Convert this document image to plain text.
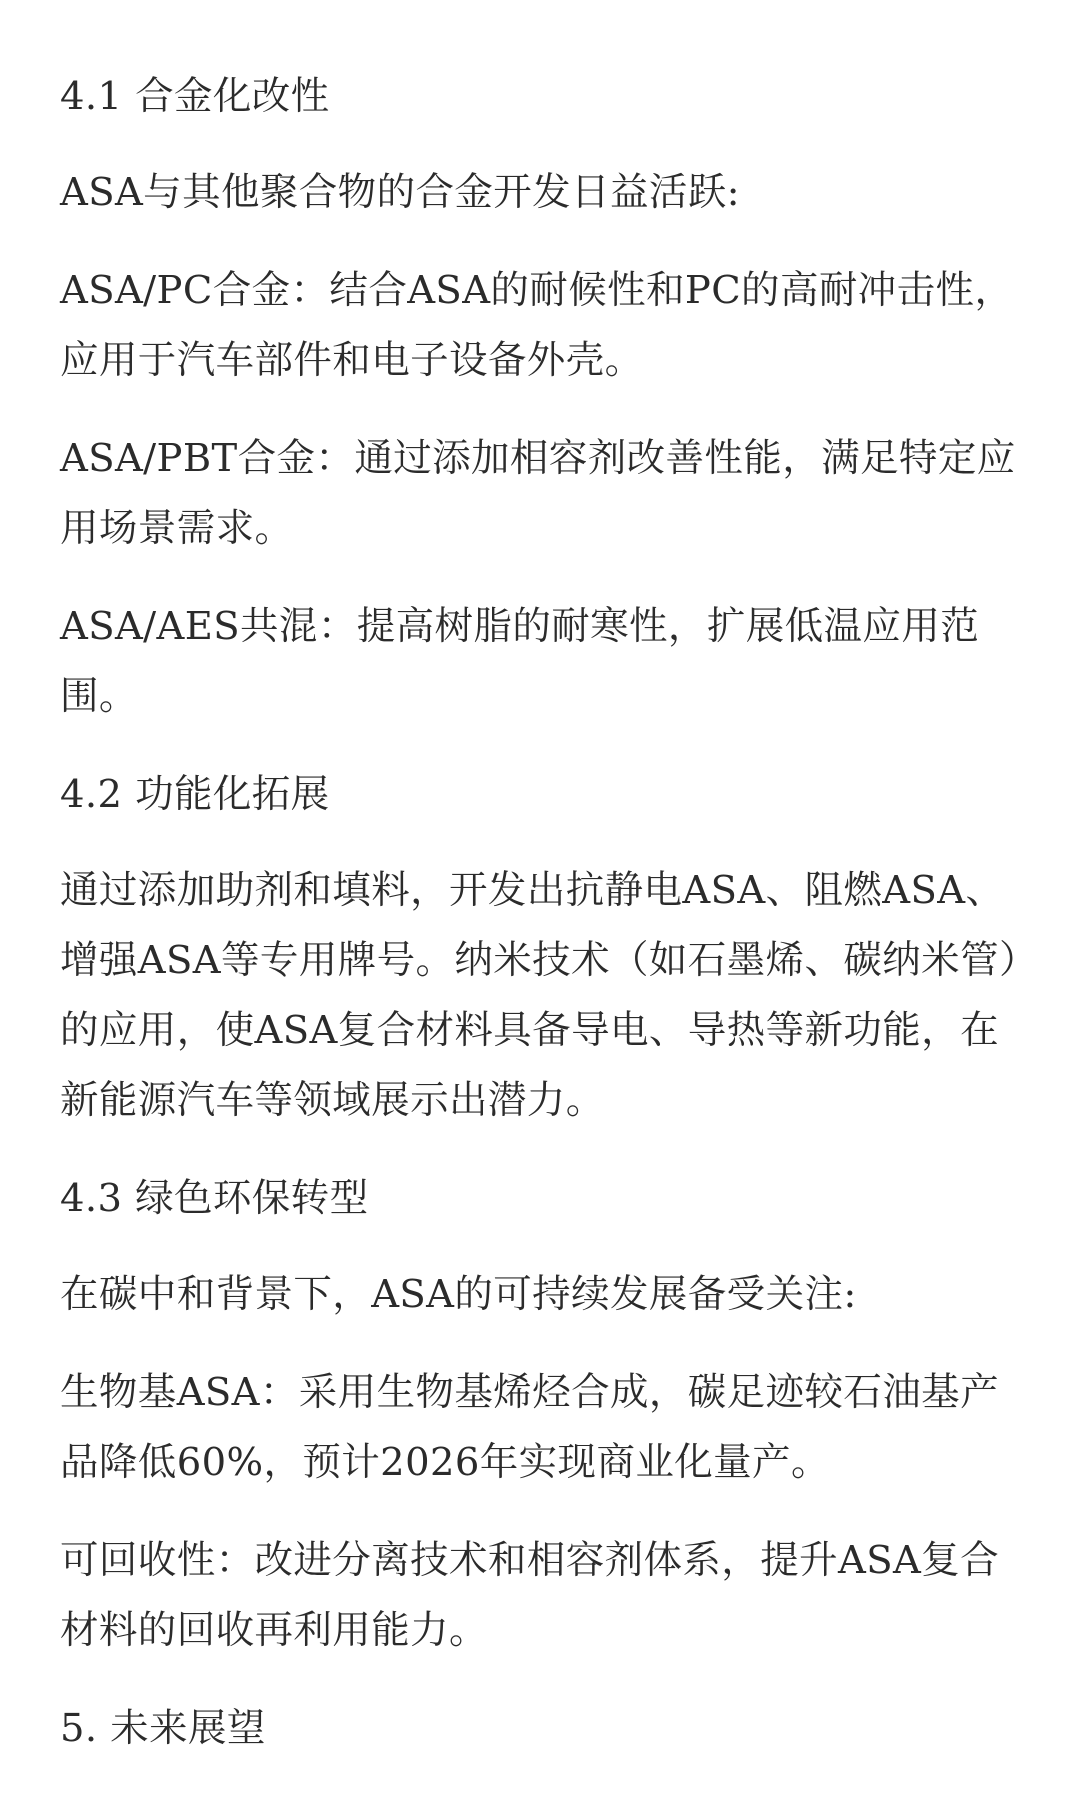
4.1 合金化改性

ASA与其他聚合物的合金开发日益活跃:

ASA/PC合金：结合ASA的耐候性和PC的高耐冲击性，应用于汽车部件和电子设备外壳。

ASA/PBT合金：通过添加相容剂改善性能，满足特定应用场景需求。

ASA/AES共混：提高树脂的耐寒性，扩展低温应用范围。

4.2 功能化拓展

通过添加助剂和填料，开发出抗静电ASA、阻燃ASA、增强ASA等专用牌号。纳米技术（如石墨烯、碳纳米管）的应用，使ASA复合材料具备导电、导热等新功能，在新能源汽车等领域展示出潜力。

4.3 绿色环保转型

在碳中和背景下，ASA的可持续发展备受关注:

生物基ASA：采用生物基烯烃合成，碳足迹较石油基产品降低60%，预计2026年实现商业化量产。

可回收性：改进分离技术和相容剂体系，提升ASA复合材料的回收再利用能力。

5. 未来展望
